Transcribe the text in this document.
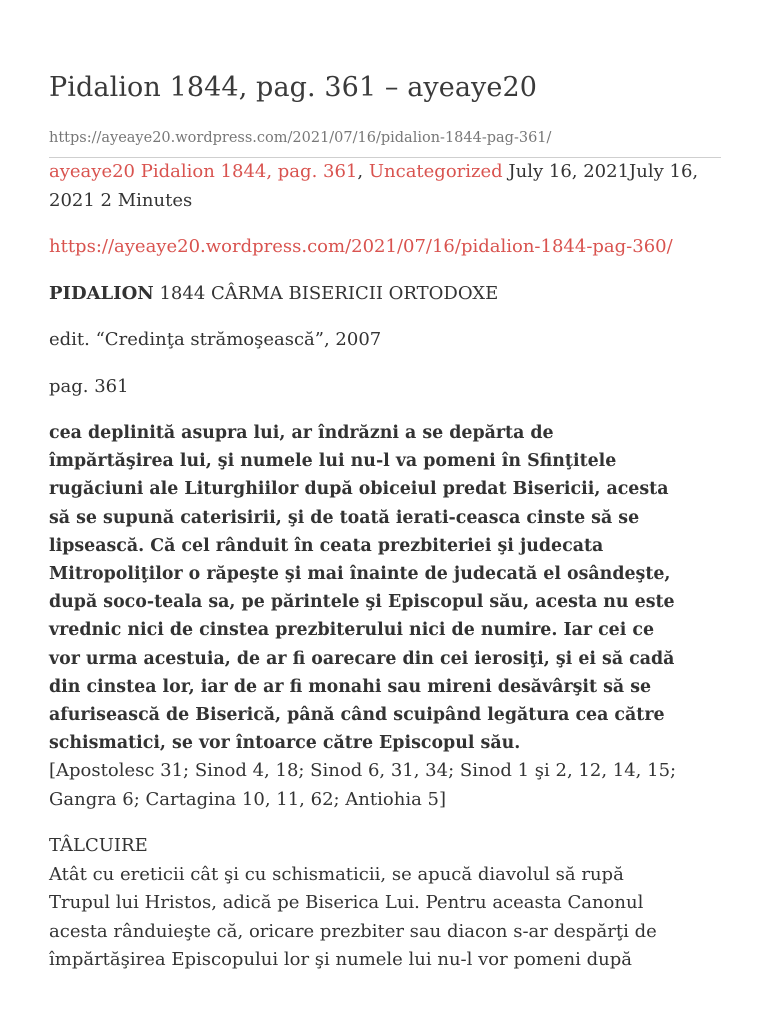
Pidalion 1844, pag. 361 – ayeaye20
https://ayeaye20.wordpress.com/2021/07/16/pidalion-1844-pag-361/

ayeaye20 Pidalion 1844, pag. 361, Uncategorized July 16, 2021July 16, 2021 2 Minutes

https://ayeaye20.wordpress.com/2021/07/16/pidalion-1844-pag-360/

PIDALION 1844 CÂRMA BISERICII ORTODOXE

edit. “Credinţa strămoşească”, 2007

pag. 361

cea deplinită asupra lui, ar îndrăzni a se depărta de
împărtăşirea lui, şi numele lui nu-l va pomeni în Sfinţitele
rugăciuni ale Liturghiilor după obiceiul predat Bisericii, acesta
să se supună caterisirii, şi de toată ierati-ceasca cinste să se
lipsească. Că cel rânduit în ceata prezbiteriei şi judecata
Mitropoliţilor o răpeşte şi mai înainte de judecată el osândeşte,
după soco-teala sa, pe părintele şi Episcopul său, acesta nu este
vrednic nici de cinstea prezbiterului nici de numire. Iar cei ce
vor urma acestuia, de ar fi oarecare din cei ierosiţi, şi ei să cadă
din cinstea lor, iar de ar fi monahi sau mireni desăvârşit să se
afurisească de Biserică, până când scuipând legătura cea către
schismatici, se vor întoarce către Episcopul său.

[Apostolesc 31; Sinod 4, 18; Sinod 6, 31, 34; Sinod 1 şi 2, 12, 14, 15;
Gangra 6; Cartagina 10, 11, 62; Antiohia 5]

TÂLCUIRE
Atât cu ereticii cât şi cu schismaticii, se apucă diavolul să rupă
Trupul lui Hristos, adică pe Biserica Lui. Pentru aceasta Canonul
acesta rânduieşte că, oricare prezbiter sau diacon s-ar despărţi de
împărtăşirea Episcopului lor şi numele lui nu-l vor pomeni după
